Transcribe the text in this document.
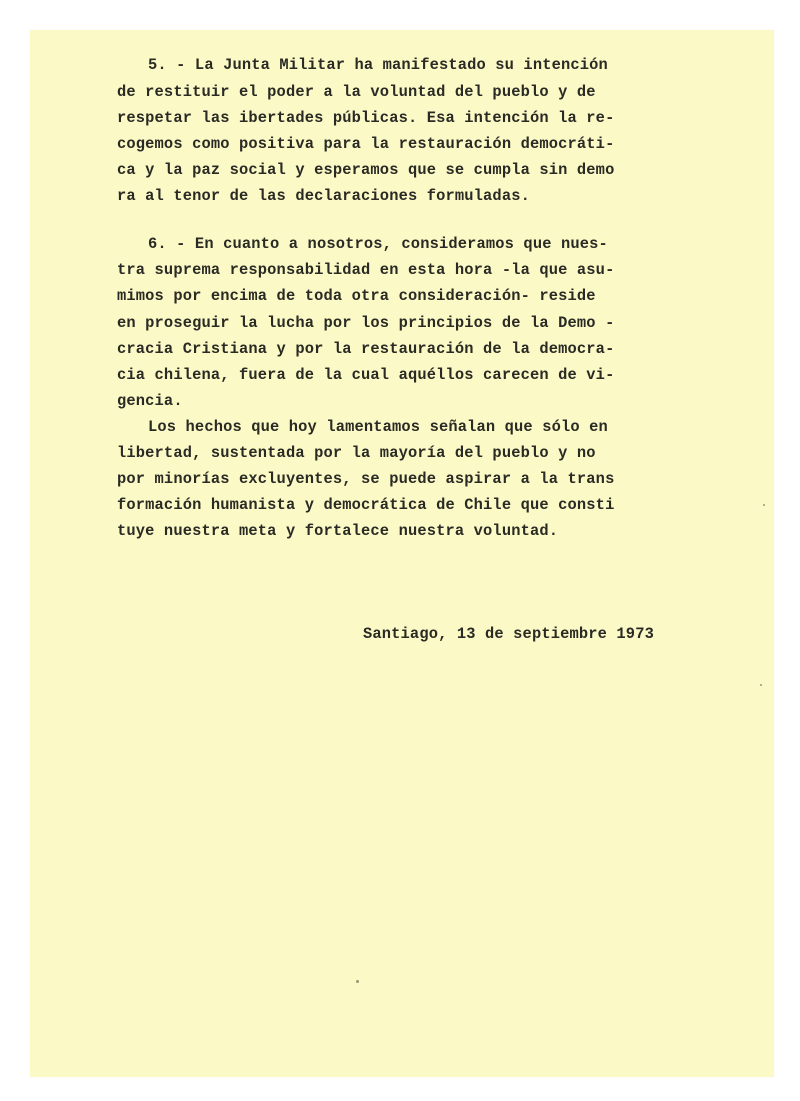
5. - La Junta Militar ha manifestado su intención
de restituir el poder a la voluntad del pueblo y de
respetar las ibertades públicas. Esa intención la re-
cogemos como positiva para la restauración democráti-
ca y la paz social y esperamos que se cumpla sin demo
ra al tenor de las declaraciones formuladas.
6. - En cuanto a nosotros, consideramos que nues-
tra suprema responsabilidad en esta hora -la que asu-
mimos por encima de toda otra consideración- reside
en proseguir la lucha por los principios de la Demo -
cracia Cristiana y por la restauración de la democra-
cia chilena, fuera de la cual aquéllos carecen de vi-
gencia.
Los hechos que hoy lamentamos señalan que sólo en
libertad, sustentada por la mayoría del pueblo y no
por minorías excluyentes, se puede aspirar a la trans
formación humanista y democrática de Chile que consti
tuye nuestra meta y fortalece nuestra voluntad.
Santiago, 13 de septiembre 1973
